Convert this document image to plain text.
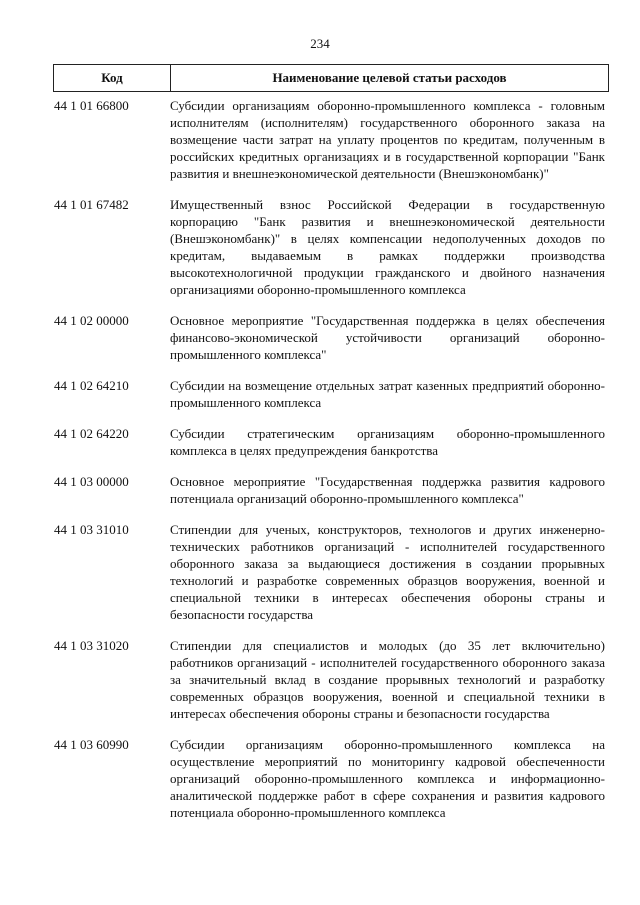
234
Код	Наименование целевой статьи расходов
44 1 01 66800	Субсидии организациям оборонно-промышленного комплекса - головным исполнителям (исполнителям) государственного оборонного заказа на возмещение части затрат на уплату процентов по кредитам, полученным в российских кредитных организациях и в государственной корпорации "Банк развития и внешнеэкономической деятельности (Внешэкономбанк)"
44 1 01 67482	Имущественный взнос Российской Федерации в государственную корпорацию "Банк развития и внешнеэкономической деятельности (Внешэкономбанк)" в целях компенсации недополученных доходов по кредитам, выдаваемым в рамках поддержки производства высокотехнологичной продукции гражданского и двойного назначения организациями оборонно-промышленного комплекса
44 1 02 00000	Основное мероприятие "Государственная поддержка в целях обеспечения финансово-экономической устойчивости организаций оборонно-промышленного комплекса"
44 1 02 64210	Субсидии на возмещение отдельных затрат казенных предприятий оборонно-промышленного комплекса
44 1 02 64220	Субсидии стратегическим организациям оборонно-промышленного комплекса в целях предупреждения банкротства
44 1 03 00000	Основное мероприятие "Государственная поддержка развития кадрового потенциала организаций оборонно-промышленного комплекса"
44 1 03 31010	Стипендии для ученых, конструкторов, технологов и других инженерно-технических работников организаций - исполнителей государственного оборонного заказа за выдающиеся достижения в создании прорывных технологий и разработке современных образцов вооружения, военной и специальной техники в интересах обеспечения обороны страны и безопасности государства
44 1 03 31020	Стипендии для специалистов и молодых (до 35 лет включительно) работников организаций - исполнителей государственного оборонного заказа за значительный вклад в создание прорывных технологий и разработку современных образцов вооружения, военной и специальной техники в интересах обеспечения обороны страны и безопасности государства
44 1 03 60990	Субсидии организациям оборонно-промышленного комплекса на осуществление мероприятий по мониторингу кадровой обеспеченности организаций оборонно-промышленного комплекса и информационно-аналитической поддержке работ в сфере сохранения и развития кадрового потенциала оборонно-промышленного комплекса
